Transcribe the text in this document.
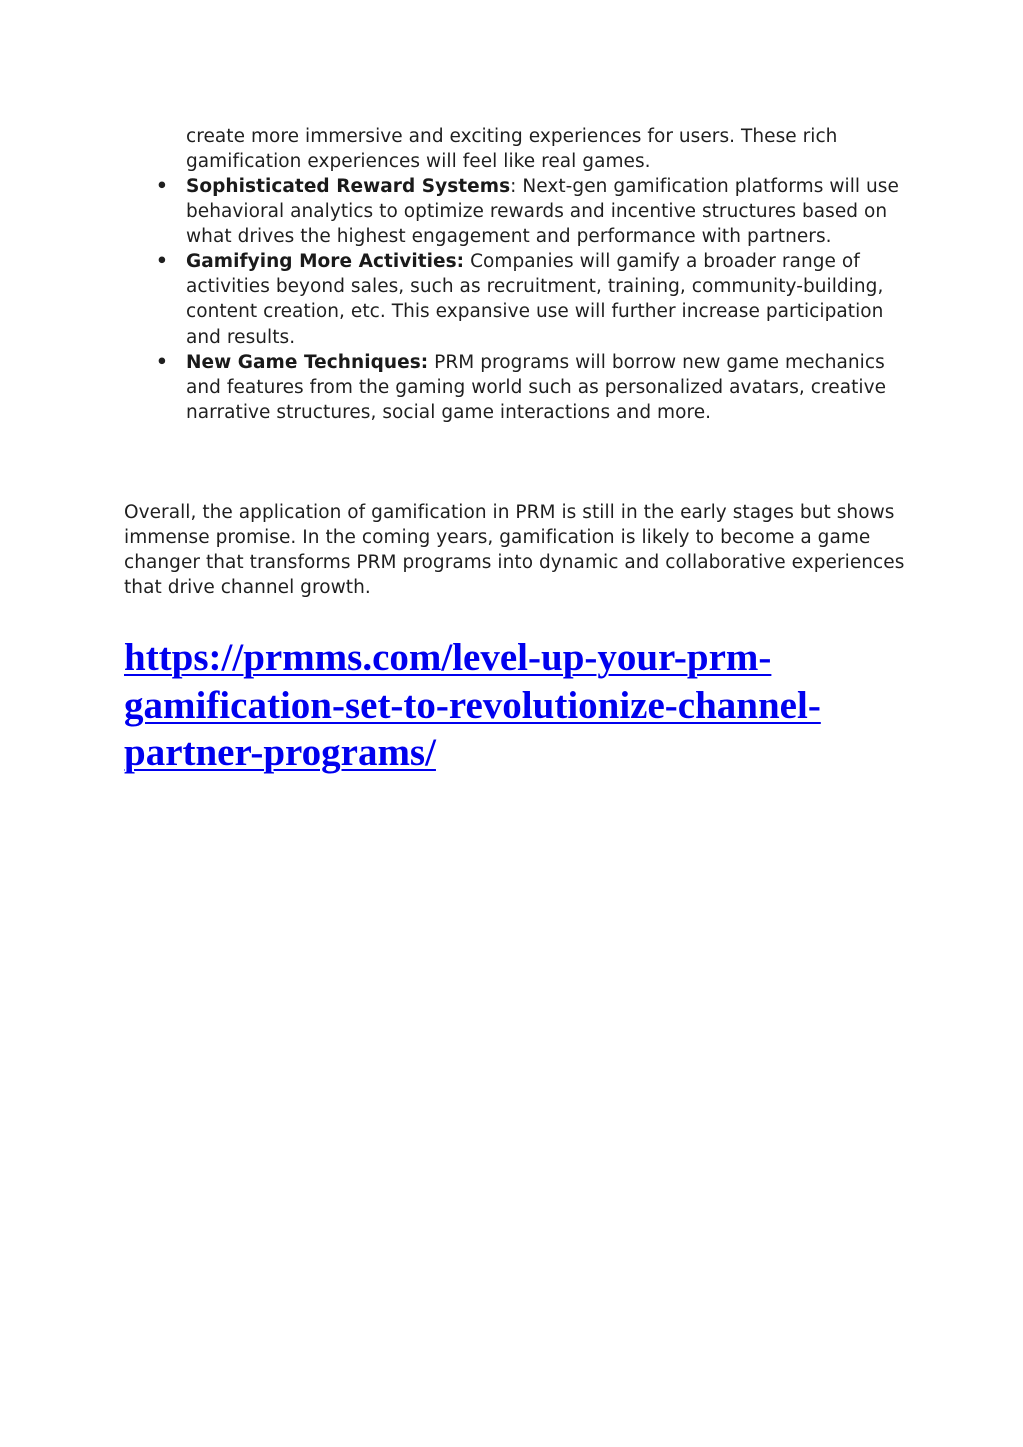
create more immersive and exciting experiences for users. These rich
gamification experiences will feel like real games.
• Sophisticated Reward Systems: Next-gen gamification platforms will use behavioral analytics to optimize rewards and incentive structures based on what drives the highest engagement and performance with partners.
• Gamifying More Activities: Companies will gamify a broader range of activities beyond sales, such as recruitment, training, community-building, content creation, etc. This expansive use will further increase participation and results.
• New Game Techniques: PRM programs will borrow new game mechanics and features from the gaming world such as personalized avatars, creative narrative structures, social game interactions and more.

Overall, the application of gamification in PRM is still in the early stages but shows immense promise. In the coming years, gamification is likely to become a game changer that transforms PRM programs into dynamic and collaborative experiences that drive channel growth.

https://prmms.com/level-up-your-prm-
gamification-set-to-revolutionize-channel-
partner-programs/
